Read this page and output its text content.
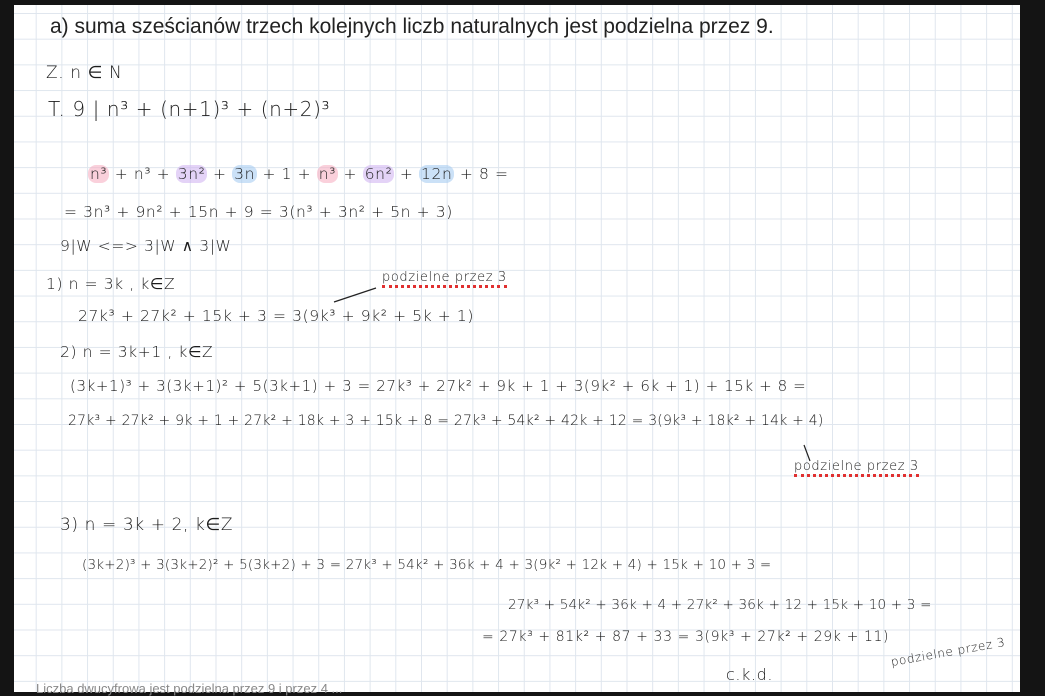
a) suma sześcianów trzech kolejnych liczb naturalnych jest podzielna przez 9.
Z. n ∈ N
T. 9 | n³ + (n+1)³ + (n+2)³
n³ + n³ + 3n² + 3n + 1 + n³ + 6n² + 12n + 8 =
= 3n³ + 9n² + 15n + 9 = 3(n³ + 3n² + 5n + 3)
9|W <=> 3|W ∧ 3|W
1) n = 3k , k∈Z	podzielne przez 3
27k³ + 27k² + 15k + 3 = 3(9k³ + 9k² + 5k + 1)
2) n = 3k+1 , k∈Z
(3k+1)³ + 3(3k+1)² + 5(3k+1) + 3 = 27k³ + 27k² + 9k + 1 + 3(9k² + 6k + 1) + 15k + 8 =
27k³ + 27k² + 9k + 1 + 27k² + 18k + 3 + 15k + 8 = 27k³ + 54k² + 42k + 12 = 3(9k³ + 18k² + 14k + 4)
podzielne przez 3
3) n = 3k + 2, k∈Z
(3k+2)³ + 3(3k+2)² + 5(3k+2) + 3 = 27k³ + 54k² + 36k + 4 + 3(9k² + 12k + 4) + 15k + 10 + 3 =
27k³ + 54k² + 36k + 4 + 27k² + 36k + 12 + 15k + 10 + 3 =
= 27k³ + 81k² + 87 + 33 = 3(9k³ + 27k² + 29k + 11)
c.k.d.
podzielne przez 3
Liczba dwucyfrowa jest podzielna przez 9 i przez 4 ...
